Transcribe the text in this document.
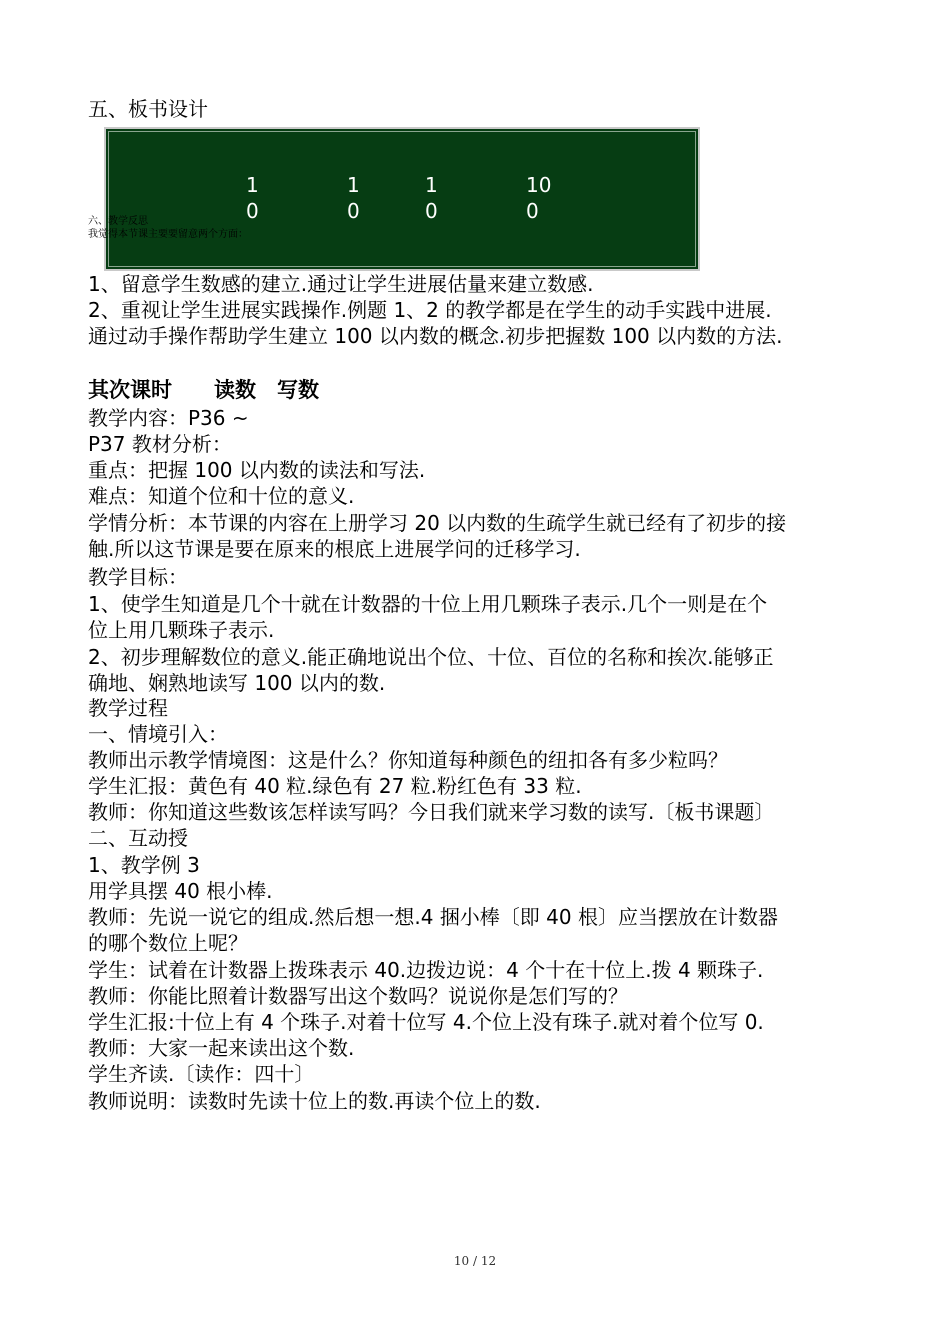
五、板书设计
1
0
1
0
1
0
10
0
六、教学反思
我觉得本节课主要要留意两个方面：
1、留意学生数感的建立.通过让学生进展估量来建立数感.
2、重视让学生进展实践操作.例题 1、2 的教学都是在学生的动手实践中进展.
通过动手操作帮助学生建立 100 以内数的概念.初步把握数 100 以内数的方法.
其次课时　　读数　写数
教学内容：P36 ~
P37 教材分析：
重点：把握 100 以内数的读法和写法.
难点：知道个位和十位的意义.
学情分析：本节课的内容在上册学习 20 以内数的生疏学生就已经有了初步的接
触.所以这节课是要在原来的根底上进展学问的迁移学习.
教学目标：
1、使学生知道是几个十就在计数器的十位上用几颗珠子表示.几个一则是在个
位上用几颗珠子表示.
2、初步理解数位的意义.能正确地说出个位、十位、百位的名称和挨次.能够正
确地、娴熟地读写 100 以内的数.
教学过程
一、情境引入：
教师出示教学情境图：这是什么？你知道每种颜色的纽扣各有多少粒吗？
学生汇报：黄色有 40 粒.绿色有 27 粒.粉红色有 33 粒.
教师：你知道这些数该怎样读写吗？今日我们就来学习数的读写.〔板书课题〕
二、互动授
1、教学例 3
用学具摆 40 根小棒.
教师：先说一说它的组成.然后想一想.4 捆小棒〔即 40 根〕应当摆放在计数器
的哪个数位上呢？
学生：试着在计数器上拨珠表示 40.边拨边说：4 个十在十位上.拨 4 颗珠子.
教师：你能比照着计数器写出这个数吗？说说你是怎们写的？
学生汇报:十位上有 4 个珠子.对着十位写 4.个位上没有珠子.就对着个位写 0.
教师：大家一起来读出这个数.
学生齐读.〔读作：四十〕
教师说明：读数时先读十位上的数.再读个位上的数.
10 / 12
